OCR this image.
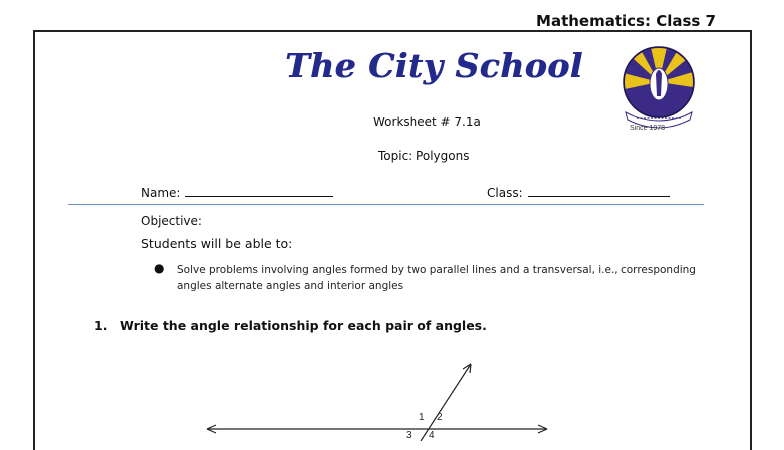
Mathematics: Class 7
The City School
Since 1978
Worksheet # 7.1a
Topic: Polygons
Name:	Class:
Objective:
Students will be able to:
● Solve problems involving angles formed by two parallel lines and a transversal, i.e., corresponding angles alternate angles and interior angles
1. Write the angle relationship for each pair of angles.
1 2
3 4
